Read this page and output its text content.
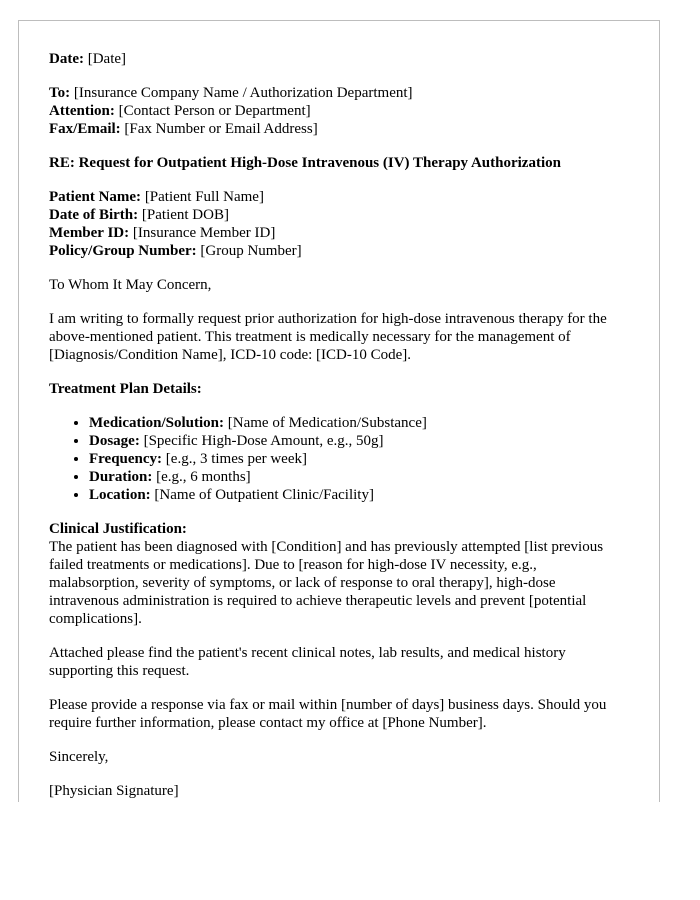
Date: [Date]

To: [Insurance Company Name / Authorization Department]

Attention: [Contact Person or Department]

Fax/Email: [Fax Number or Email Address]

RE: Request for Outpatient High-Dose Intravenous (IV) Therapy Authorization

Patient Name: [Patient Full Name]

Date of Birth: [Patient DOB]

Member ID: [Insurance Member ID]

Policy/Group Number: [Group Number]

To Whom It May Concern,

I am writing to formally request prior authorization for high-dose intravenous therapy for the above-mentioned patient. This treatment is medically necessary for the management of [Diagnosis/Condition Name], ICD-10 code: [ICD-10 Code].

Treatment Plan Details:

• Medication/Solution: [Name of Medication/Substance]
• Dosage: [Specific High-Dose Amount, e.g., 50g]
• Frequency: [e.g., 3 times per week]
• Duration: [e.g., 6 months]
• Location: [Name of Outpatient Clinic/Facility]

Clinical Justification:

The patient has been diagnosed with [Condition] and has previously attempted [list previous failed treatments or medications]. Due to [reason for high-dose IV necessity, e.g., malabsorption, severity of symptoms, or lack of response to oral therapy], high-dose intravenous administration is required to achieve therapeutic levels and prevent [potential complications].

Attached please find the patient's recent clinical notes, lab results, and medical history supporting this request.

Please provide a response via fax or mail within [number of days] business days. Should you require further information, please contact my office at [Phone Number].

Sincerely,

[Physician Signature]
